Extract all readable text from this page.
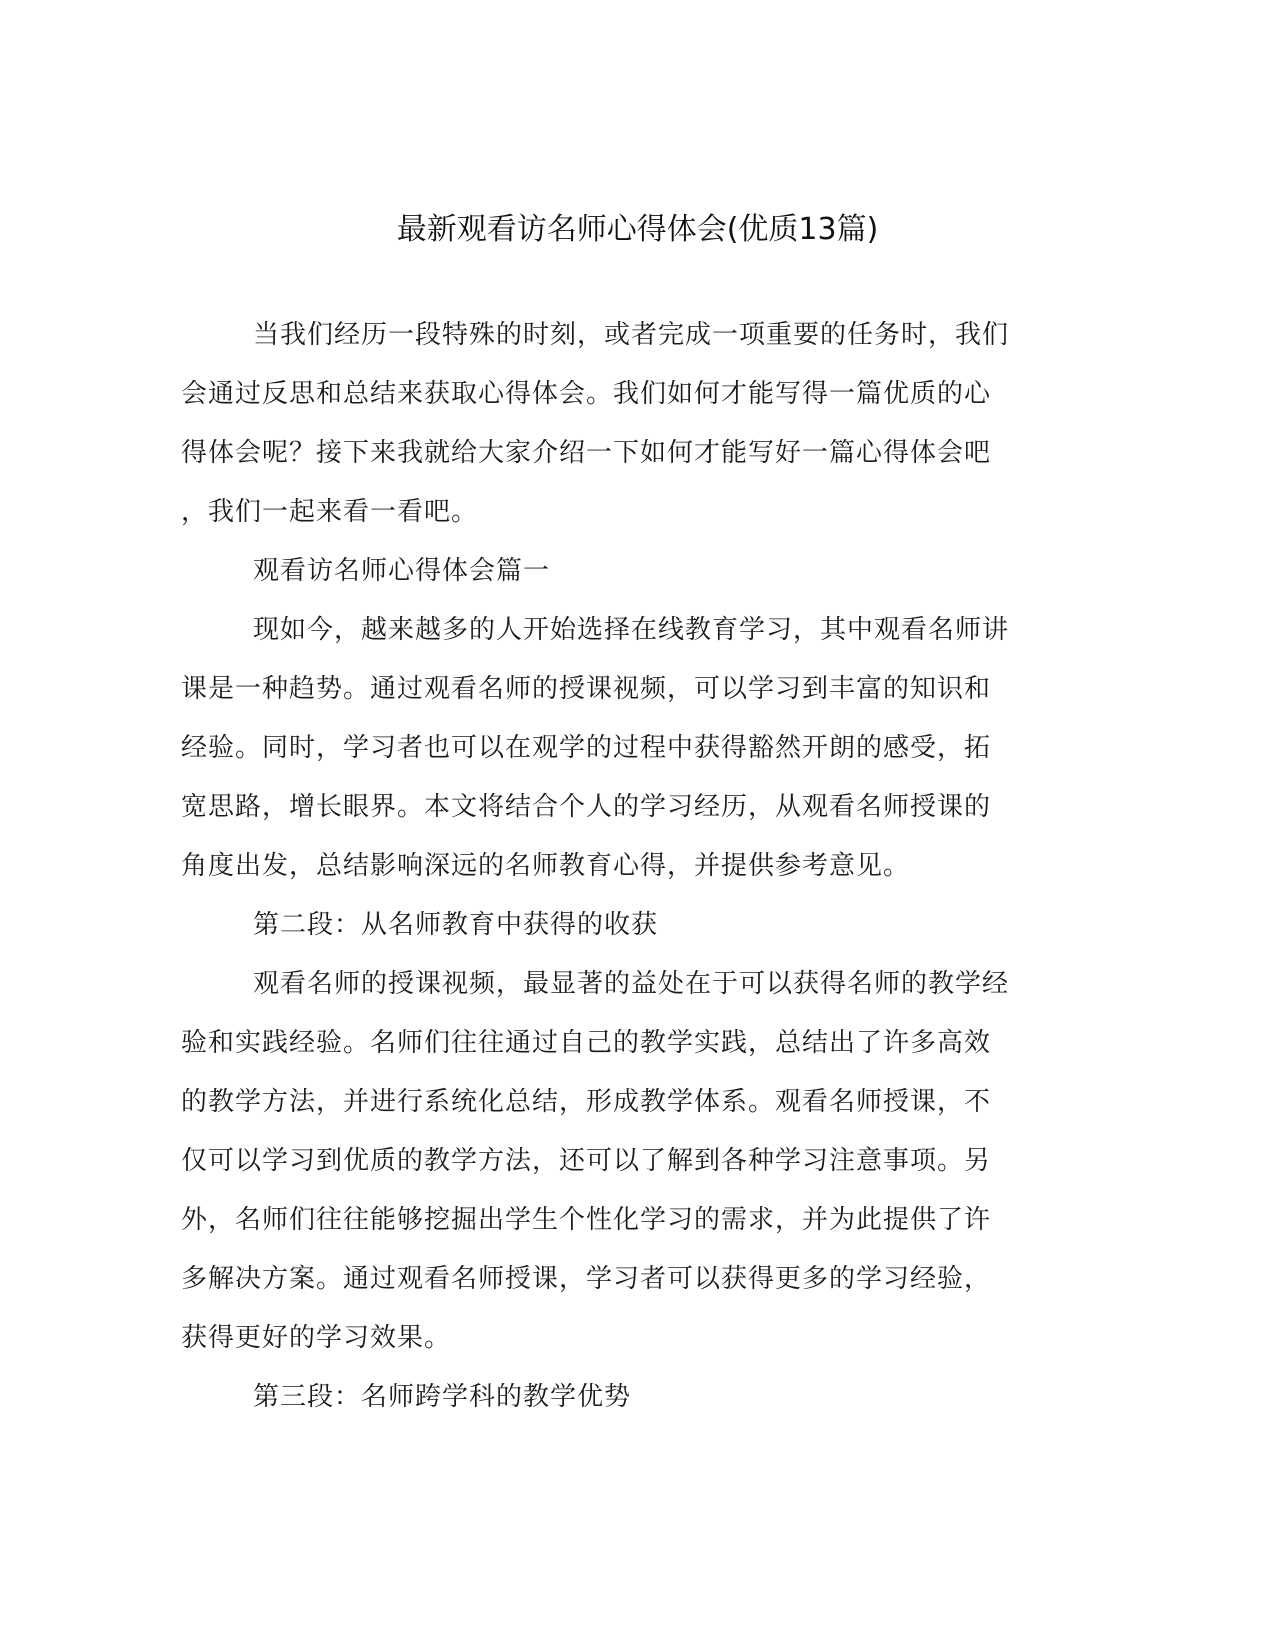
最新观看访名师心得体会(优质13篇)
当我们经历一段特殊的时刻，或者完成一项重要的任务时，我们
会通过反思和总结来获取心得体会。我们如何才能写得一篇优质的心
得体会呢？接下来我就给大家介绍一下如何才能写好一篇心得体会吧
，我们一起来看一看吧。
观看访名师心得体会篇一
现如今，越来越多的人开始选择在线教育学习，其中观看名师讲
课是一种趋势。通过观看名师的授课视频，可以学习到丰富的知识和
经验。同时，学习者也可以在观学的过程中获得豁然开朗的感受，拓
宽思路，增长眼界。本文将结合个人的学习经历，从观看名师授课的
角度出发，总结影响深远的名师教育心得，并提供参考意见。
第二段：从名师教育中获得的收获
观看名师的授课视频，最显著的益处在于可以获得名师的教学经
验和实践经验。名师们往往通过自己的教学实践，总结出了许多高效
的教学方法，并进行系统化总结，形成教学体系。观看名师授课，不
仅可以学习到优质的教学方法，还可以了解到各种学习注意事项。另
外，名师们往往能够挖掘出学生个性化学习的需求，并为此提供了许
多解决方案。通过观看名师授课，学习者可以获得更多的学习经验，
获得更好的学习效果。
第三段：名师跨学科的教学优势
